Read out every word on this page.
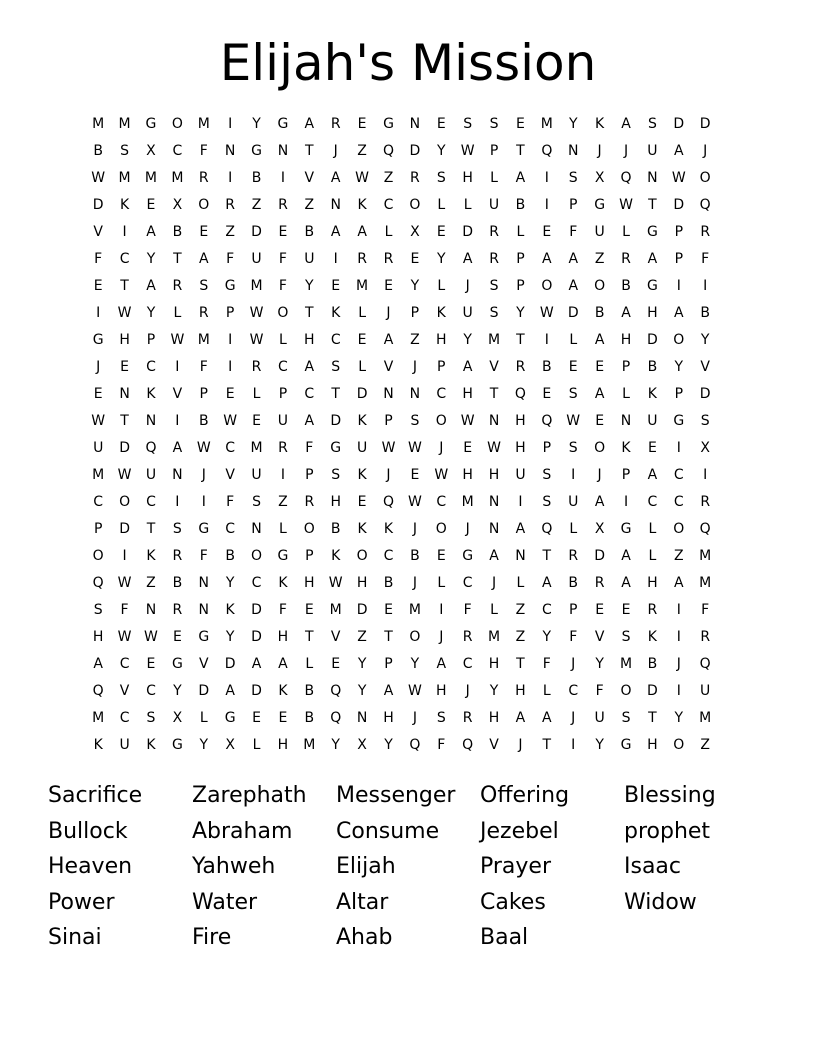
Elijah's Mission
M	M	G	O	M	I	Y	G	A	R	E	G	N	E	S	S	E	M	Y	K	A	S	D	D
B	S	X	C	F	N	G	N	T	J	Z	Q	D	Y	W	P	T	Q	N	J	J	U	A	J
W M	M	M	R	I	B	I	V	A	W	Z	R	S	H	L	A	I	S	X	Q	N	W O
D	K	E	X	O	R	Z	R	Z	N	K	C	O	L	L	U	B	I	P	G	W	T	D	Q
V	I	A	B	E	Z	D	E	B	A	A	L	X	E	D	R	L	E	F	U	L	G	P	R
F	C	Y	T	A	F	U	F	U	I	R	R	E	Y	A	R	P	A	A	Z	R	A	P	F
E	T	A	R	S	G	M	F	Y	E	M	E	Y	L	J	S	P	O	A	O	B	G	I	I
I	W	Y	L	R	P	W O	T	K	L	J	P	K	U	S	Y	W	D	B	A	H	A	B
G	H	P	W M	I	W	L	H	C	E	A	Z	H	Y	M	T	I	L	A	H	D	O	Y
J	E	C	I	F	I	R	C	A	S	L	V	J	P	A	V	R	B	E	E	P	B	Y	V
E	N	K	V	P	E	L	P	C	T	D	N	N	C	H	T	Q	E	S	A	L	K	P	D
W	T	N	I	B	W	E	U	A	D	K	P	S	O W	N	H	Q W	E	N	U	G	S
U	D	Q	A	W	C	M	R	F	G	U	W W	J	E	W	H	P	S	O	K	E	I	X
M W	U	N	J	V	U	I	P	S	K	J	E	W	H	H	U	S	I	J	P	A	C	I
C	O	C	I	I	F	S	Z	R	H	E	Q W	C	M	N	I	S	U	A	I	C	C	R
P	D	T	S	G	C	N	L	O	B	K	K	J	O	J	N	A	Q	L	X	G	L	O	Q
O	I	K	R	F	B	O	G	P	K	O	C	B	E	G	A	N	T	R	D	A	L	Z	M
Q W	Z	B	N	Y	C	K	H	W	H	B	J	L	C	J	L	A	B	R	A	H	A	M
S	F	N	R	N	K	D	F	E	M	D	E	M	I	F	L	Z	C	P	E	E	R	I	F
H	W W	E	G	Y	D	H	T	V	Z	T	O	J	R	M	Z	Y	F	V	S	K	I	R
A	C	E	G	V	D	A	A	L	E	Y	P	Y	A	C	H	T	F	J	Y	M	B	J	Q
Q	V	C	Y	D	A	D	K	B	Q	Y	A	W	H	J	Y	H	L	C	F	O	D	I	U
M	C	S	X	L	G	E	E	B	Q	N	H	J	S	R	H	A	A	J	U	S	T	Y	M
K	U	K	G	Y	X	L	H	M	Y	X	Y	Q	F	Q	V	J	T	I	Y	G	H	O	Z
Sacrifice	Zarephath	Messenger	Offering	Blessing
Bullock	Abraham	Consume	Jezebel	prophet
Heaven	Yahweh	Elijah	Prayer	Isaac
Power	Water	Altar	Cakes	Widow
Sinai	Fire	Ahab	Baal
